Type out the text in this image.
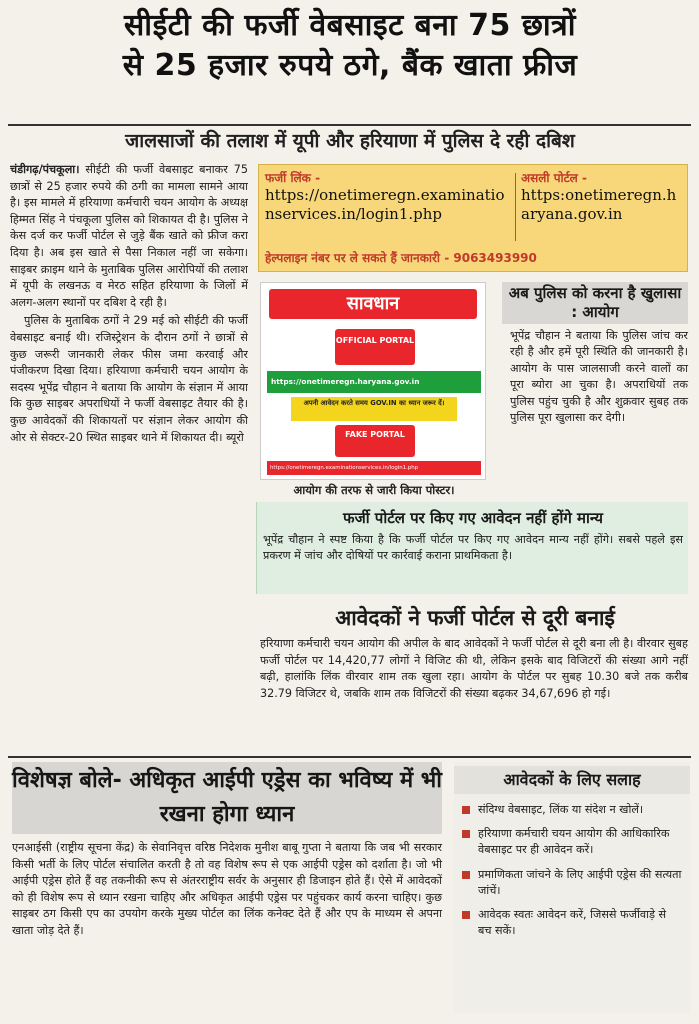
सीईटी की फर्जी वेबसाइट बना 75 छात्रों
से 25 हजार रुपये ठगे, बैंक खाता फ्रीज
जालसाजों की तलाश में यूपी और हरियाणा में पुलिस दे रही दबिश

चंडीगढ़/पंचकूला। सीईटी की फर्जी वेबसाइट बनाकर 75 छात्रों से 25 हजार रुपये की ठगी का मामला सामने आया है। इस मामले में हरियाणा कर्मचारी चयन आयोग के अध्यक्ष हिम्मत सिंह ने पंचकूला पुलिस को शिकायत दी है। पुलिस ने केस दर्ज कर फर्जी पोर्टल से जुड़े बैंक खाते को फ्रीज करा दिया है। अब इस खाते से पैसा निकाल नहीं जा सकेगा। साइबर क्राइम थाने के मुताबिक पुलिस आरोपियों की तलाश में यूपी के लखनऊ व मेरठ सहित हरियाणा के जिलों में अलग-अलग स्थानों पर दबिश दे रही है।

पुलिस के मुताबिक ठगों ने 29 मई को सीईटी की फर्जी वेबसाइट बनाई थी। रजिस्ट्रेशन के दौरान ठगों ने छात्रों से कुछ जरूरी जानकारी लेकर फीस जमा करवाई और पंजीकरण दिखा दिया। हरियाणा कर्मचारी चयन आयोग के सदस्य भूपेंद्र चौहान ने बताया कि आयोग के संज्ञान में आया कि कुछ साइबर अपराधियों ने फर्जी वेबसाइट तैयार की है। कुछ आवेदकों की शिकायतों पर संज्ञान लेकर आयोग की ओर से सेक्टर-20 स्थित साइबर थाने में शिकायत दी। ब्यूरो

फर्जी लिंक -
https://onetimeregn.examinationservices.in/login1.php
असली पोर्टल -
https:onetimeregn.haryana.gov.in
हेल्पलाइन नंबर पर ले सकते हैं जानकारी - 9063493990
सावधान
OFFICIAL PORTAL
https://onetimeregn.haryana.gov.in
अपनी आवेदन करते समय GOV.IN का ध्यान जरूर दें।
FAKE PORTAL
https://onetimeregn.examinationservices.in/login1.php
आयोग की तरफ से जारी किया पोस्टर।
अब पुलिस को करना है खुलासा : आयोग
भूपेंद्र चौहान ने बताया कि पुलिस जांच कर रही है और हमें पूरी स्थिति की जानकारी है। आयोग के पास जालसाजी करने वालों का पूरा ब्योरा आ चुका है। अपराधियों तक पुलिस पहुंच चुकी है और शुक्रवार सुबह तक पुलिस पूरा खुलासा कर देगी।
फर्जी पोर्टल पर किए गए आवेदन नहीं होंगे मान्य
भूपेंद्र चौहान ने स्पष्ट किया है कि फर्जी पोर्टल पर किए गए आवेदन मान्य नहीं होंगे। सबसे पहले इस प्रकरण में जांच और दोषियों पर कार्रवाई कराना प्राथमिकता है।
आवेदकों ने फर्जी पोर्टल से दूरी बनाई
हरियाणा कर्मचारी चयन आयोग की अपील के बाद आवेदकों ने फर्जी पोर्टल से दूरी बना ली है। वीरवार सुबह फर्जी पोर्टल पर 14,420,77 लोगों ने विजिट की थी, लेकिन इसके बाद विजिटरों की संख्या आगे नहीं बढ़ी, हालांकि लिंक वीरवार शाम तक खुला रहा। आयोग के पोर्टल पर सुबह 10.30 बजे तक करीब 32.79 विजिटर थे, जबकि शाम तक विजिटरों की संख्या बढ़कर 34,67,696 हो गई।
विशेषज्ञ बोले- अधिकृत आईपी एड्रेस का भविष्य में भी रखना होगा ध्यान
एनआईसी (राष्ट्रीय सूचना केंद्र) के सेवानिवृत्त वरिष्ठ निदेशक मुनीश बाबू गुप्ता ने बताया कि जब भी सरकार किसी भर्ती के लिए पोर्टल संचालित करती है तो वह विशेष रूप से एक आईपी एड्रेस को दर्शाता है। जो भी आईपी एड्रेस होते हैं वह तकनीकी रूप से अंतरराष्ट्रीय सर्वर के अनुसार ही डिजाइन होते हैं। ऐसे में आवेदकों को ही विशेष रूप से ध्यान रखना चाहिए और अधिकृत आईपी एड्रेस पर पहुंचकर कार्य करना चाहिए। कुछ साइबर ठग किसी एप का उपयोग करके मुख्य पोर्टल का लिंक कनेक्ट देते हैं और एप के माध्यम से अपना खाता जोड़ देते हैं।
आवेदकों के लिए सलाह
संदिग्ध वेबसाइट, लिंक या संदेश न खोलें।
हरियाणा कर्मचारी चयन आयोग की आधिकारिक वेबसाइट पर ही आवेदन करें।
प्रमाणिकता जांचने के लिए आईपी एड्रेस की सत्यता जांचें।
आवेदक स्वतः आवेदन करें, जिससे फर्जीवाड़े से बच सकें।
